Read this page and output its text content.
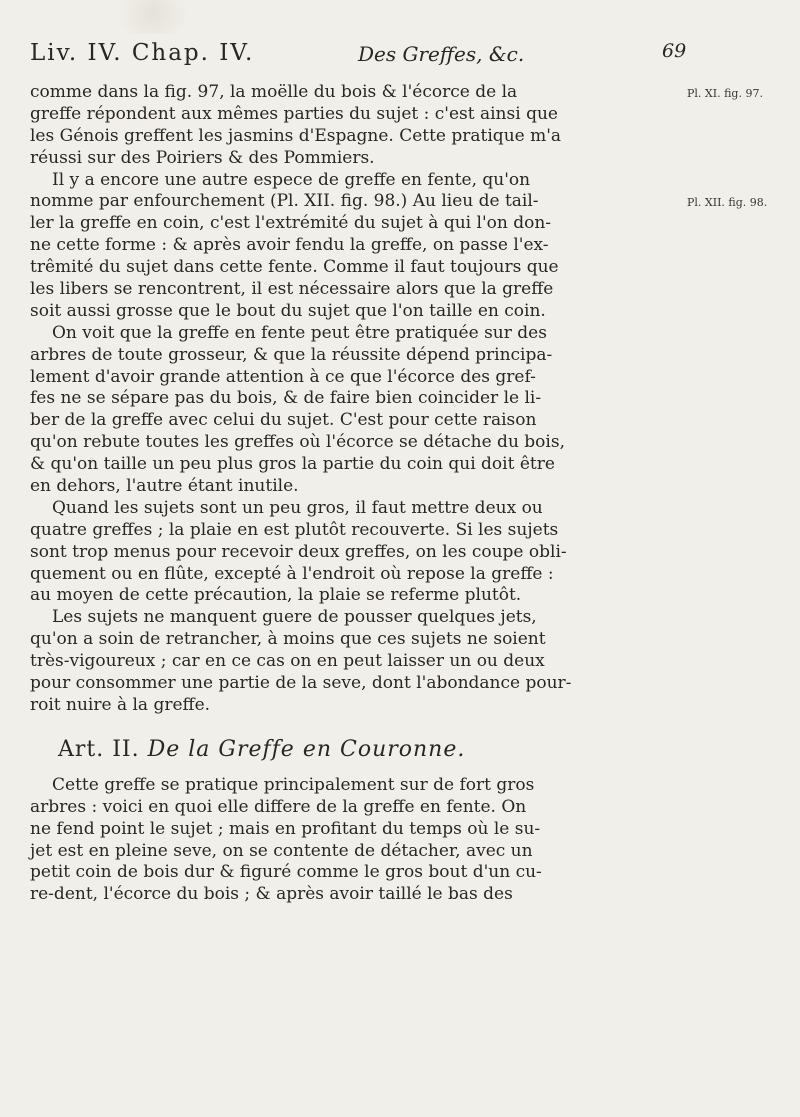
Liv. IV. Chap. IV.	Des Greffes, &c.	69
Pl. XI. fig. 97.
Pl. XII. fig. 98.
comme dans la fig. 97, la moëlle du bois & l'écorce de la
greffe répondent aux mêmes parties du sujet : c'est ainsi que
les Génois greffent les jasmins d'Espagne. Cette pratique m'a
réussi sur des Poiriers & des Pommiers.
Il y a encore une autre espece de greffe en fente, qu'on
nomme par enfourchement (Pl. XII. fig. 98.) Au lieu de tail-
ler la greffe en coin, c'est l'extrémité du sujet à qui l'on don-
ne cette forme : & après avoir fendu la greffe, on passe l'ex-
trêmité du sujet dans cette fente. Comme il faut toujours que
les libers se rencontrent, il est nécessaire alors que la greffe
soit aussi grosse que le bout du sujet que l'on taille en coin.
On voit que la greffe en fente peut être pratiquée sur des
arbres de toute grosseur, & que la réussite dépend principa-
lement d'avoir grande attention à ce que l'écorce des gref-
fes ne se sépare pas du bois, & de faire bien coincider le li-
ber de la greffe avec celui du sujet. C'est pour cette raison
qu'on rebute toutes les greffes où l'écorce se détache du bois,
& qu'on taille un peu plus gros la partie du coin qui doit être
en dehors, l'autre étant inutile.
Quand les sujets sont un peu gros, il faut mettre deux ou
quatre greffes ; la plaie en est plutôt recouverte. Si les sujets
sont trop menus pour recevoir deux greffes, on les coupe obli-
quement ou en flûte, excepté à l'endroit où repose la greffe :
au moyen de cette précaution, la plaie se referme plutôt.
Les sujets ne manquent guere de pousser quelques jets,
qu'on a soin de retrancher, à moins que ces sujets ne soient
très-vigoureux ; car en ce cas on en peut laisser un ou deux
pour consommer une partie de la seve, dont l'abondance pour-
roit nuire à la greffe.
Art. II. De la Greffe en Couronne.
Cette greffe se pratique principalement sur de fort gros
arbres : voici en quoi elle differe de la greffe en fente. On
ne fend point le sujet ; mais en profitant du temps où le su-
jet est en pleine seve, on se contente de détacher, avec un
petit coin de bois dur & figuré comme le gros bout d'un cu-
re-dent, l'écorce du bois ; & après avoir taillé le bas des
